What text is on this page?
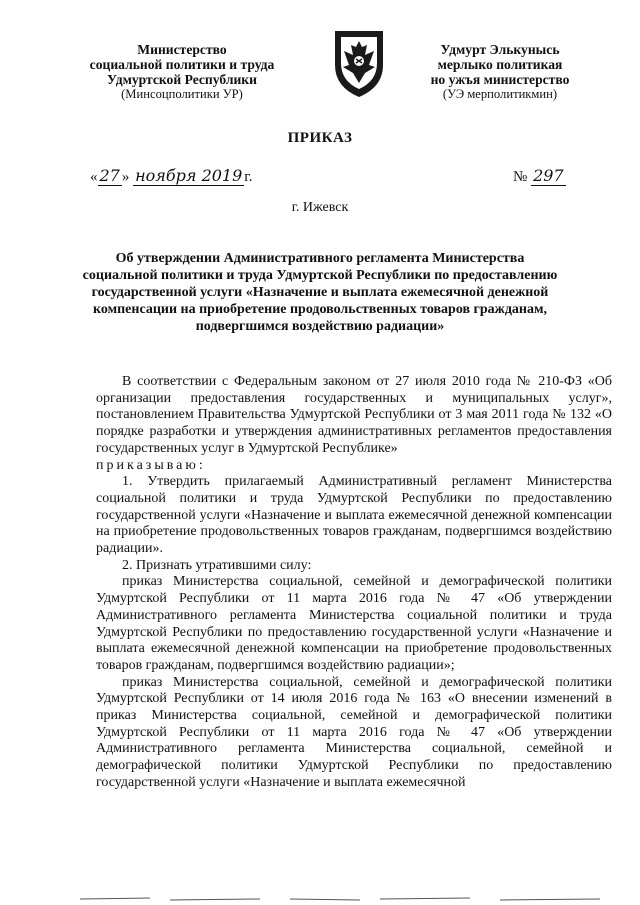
Министерство
социальной политики и труда
Удмуртской Республики
(Минсоцполитики УР)
Удмурт Элькунысь
мерлыко политикая
но ужъя министерство
(УЭ мерполитикмин)
ПРИКАЗ
« 27 » ноября 2019 г.	№ 297
г. Ижевск
Об утверждении Административного регламента Министерства социальной политики и труда Удмуртской Республики по предоставлению государственной услуги «Назначение и выплата ежемесячной денежной компенсации на приобретение продовольственных товаров гражданам, подвергшимся воздействию радиации»

В соответствии с Федеральным законом от 27 июля 2010 года № 210-ФЗ «Об организации предоставления государственных и муниципальных услуг», постановлением Правительства Удмуртской Республики от 3 мая 2011 года № 132 «О порядке разработки и утверждения административных регламентов предоставления государственных услуг в Удмуртской Республике»

приказываю:

1. Утвердить прилагаемый Административный регламент Министерства социальной политики и труда Удмуртской Республики по предоставлению государственной услуги «Назначение и выплата ежемесячной денежной компенсации на приобретение продовольственных товаров гражданам, подвергшимся воздействию радиации».

2. Признать утратившими силу:

приказ Министерства социальной, семейной и демографической политики Удмуртской Республики от 11 марта 2016 года № 47 «Об утверждении Административного регламента Министерства социальной политики и труда Удмуртской Республики по предоставлению государственной услуги «Назначение и выплата ежемесячной денежной компенсации на приобретение продовольственных товаров гражданам, подвергшимся воздействию радиации»;

приказ Министерства социальной, семейной и демографической политики Удмуртской Республики от 14 июля 2016 года № 163 «О внесении изменений в приказ Министерства социальной, семейной и демографической политики Удмуртской Республики от 11 марта 2016 года № 47 «Об утверждении Административного регламента Министерства социальной, семейной и демографической политики Удмуртской Республики по предоставлению государственной услуги «Назначение и выплата ежемесячной
